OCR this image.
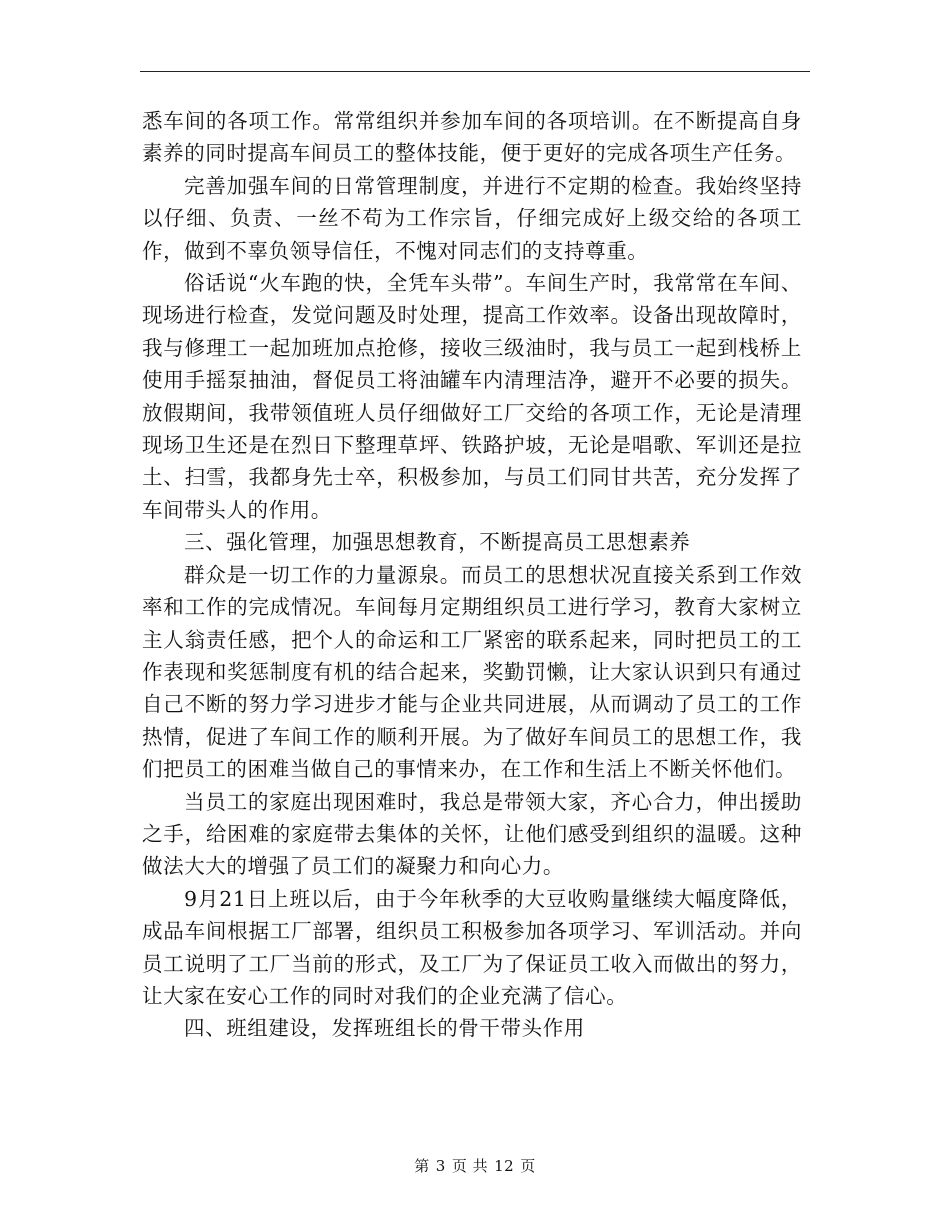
悉车间的各项工作。常常组织并参加车间的各项培训。在不断提高自身素养的同时提高车间员工的整体技能，便于更好的完成各项生产任务。

完善加强车间的日常管理制度，并进行不定期的检查。我始终坚持以仔细、负责、一丝不苟为工作宗旨，仔细完成好上级交给的各项工作，做到不辜负领导信任，不愧对同志们的支持尊重。

俗话说“火车跑的快，全凭车头带”。车间生产时，我常常在车间、现场进行检查，发觉问题及时处理，提高工作效率。设备出现故障时，我与修理工一起加班加点抢修，接收三级油时，我与员工一起到栈桥上使用手摇泵抽油，督促员工将油罐车内清理洁净，避开不必要的损失。放假期间，我带领值班人员仔细做好工厂交给的各项工作，无论是清理现场卫生还是在烈日下整理草坪、铁路护坡，无论是唱歌、军训还是拉土、扫雪，我都身先士卒，积极参加，与员工们同甘共苦，充分发挥了车间带头人的作用。

三、强化管理，加强思想教育，不断提高员工思想素养

群众是一切工作的力量源泉。而员工的思想状况直接关系到工作效率和工作的完成情况。车间每月定期组织员工进行学习，教育大家树立主人翁责任感，把个人的命运和工厂紧密的联系起来，同时把员工的工作表现和奖惩制度有机的结合起来，奖勤罚懒，让大家认识到只有通过自己不断的努力学习进步才能与企业共同进展，从而调动了员工的工作热情，促进了车间工作的顺利开展。为了做好车间员工的思想工作，我们把员工的困难当做自己的事情来办，在工作和生活上不断关怀他们。

当员工的家庭出现困难时，我总是带领大家，齐心合力，伸出援助之手，给困难的家庭带去集体的关怀，让他们感受到组织的温暖。这种做法大大的增强了员工们的凝聚力和向心力。

9月21日上班以后，由于今年秋季的大豆收购量继续大幅度降低，成品车间根据工厂部署，组织员工积极参加各项学习、军训活动。并向员工说明了工厂当前的形式，及工厂为了保证员工收入而做出的努力，让大家在安心工作的同时对我们的企业充满了信心。

四、班组建设，发挥班组长的骨干带头作用

第 3 页 共 12 页
